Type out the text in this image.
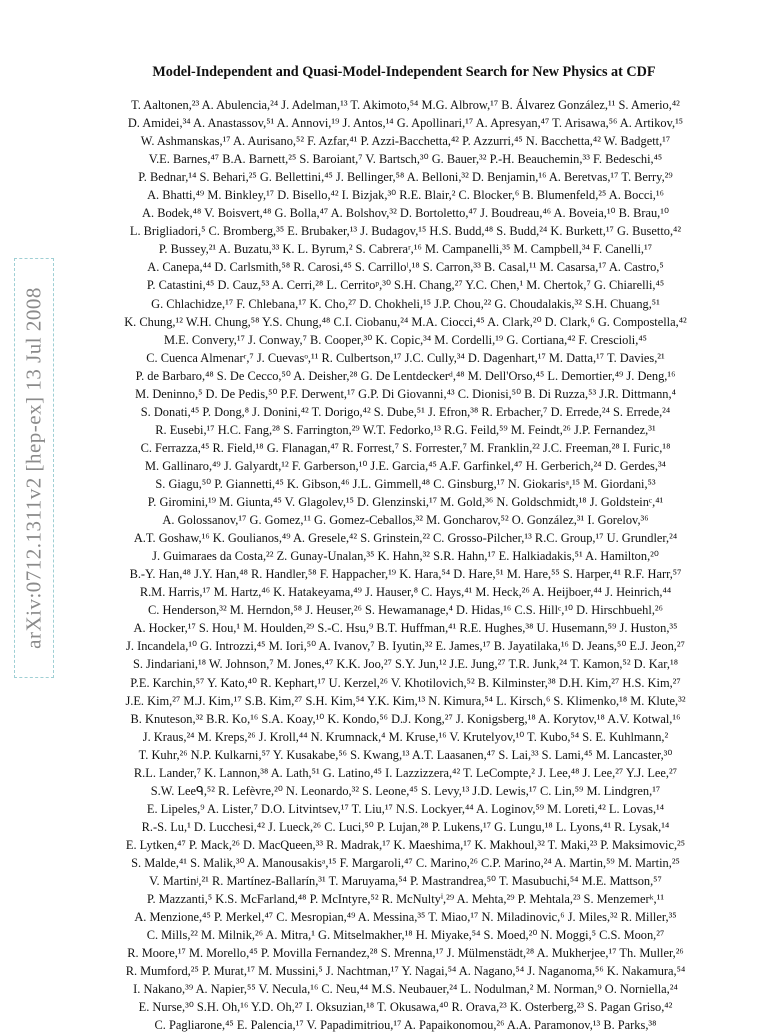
arXiv:0712.1311v2 [hep-ex] 13 Jul 2008
Model-Independent and Quasi-Model-Independent Search for New Physics at CDF
T. Aaltonen,²³ A. Abulencia,²⁴ J. Adelman,¹³ T. Akimoto,⁵⁴ M.G. Albrow,¹⁷ B. Álvarez González,¹¹ S. Amerio,⁴²
D. Amidei,³⁴ A. Anastassov,⁵¹ A. Annovi,¹⁹ J. Antos,¹⁴ G. Apollinari,¹⁷ A. Apresyan,⁴⁷ T. Arisawa,⁵⁶ A. Artikov,¹⁵
W. Ashmanskas,¹⁷ A. Aurisano,⁵² F. Azfar,⁴¹ P. Azzi-Bacchetta,⁴² P. Azzurri,⁴⁵ N. Bacchetta,⁴² W. Badgett,¹⁷
V.E. Barnes,⁴⁷ B.A. Barnett,²⁵ S. Baroiant,⁷ V. Bartsch,³⁰ G. Bauer,³² P.-H. Beauchemin,³³ F. Bedeschi,⁴⁵
P. Bednar,¹⁴ S. Behari,²⁵ G. Bellettini,⁴⁵ J. Bellinger,⁵⁸ A. Belloni,³² D. Benjamin,¹⁶ A. Beretvas,¹⁷ T. Berry,²⁹
A. Bhatti,⁴⁹ M. Binkley,¹⁷ D. Bisello,⁴² I. Bizjak,³⁰ R.E. Blair,² C. Blocker,⁶ B. Blumenfeld,²⁵ A. Bocci,¹⁶
A. Bodek,⁴⁸ V. Boisvert,⁴⁸ G. Bolla,⁴⁷ A. Bolshov,³² D. Bortoletto,⁴⁷ J. Boudreau,⁴⁶ A. Boveia,¹⁰ B. Brau,¹⁰
L. Brigliadori,⁵ C. Bromberg,³⁵ E. Brubaker,¹³ J. Budagov,¹⁵ H.S. Budd,⁴⁸ S. Budd,²⁴ K. Burkett,¹⁷ G. Busetto,⁴²
P. Bussey,²¹ A. Buzatu,³³ K. L. Byrum,² S. Cabreraʳ,¹⁶ M. Campanelli,³⁵ M. Campbell,³⁴ F. Canelli,¹⁷
A. Canepa,⁴⁴ D. Carlsmith,⁵⁸ R. Carosi,⁴⁵ S. Carrilloˡ,¹⁸ S. Carron,³³ B. Casal,¹¹ M. Casarsa,¹⁷ A. Castro,⁵
P. Catastini,⁴⁵ D. Cauz,⁵³ A. Cerri,²⁸ L. Cerritoᵖ,³⁰ S.H. Chang,²⁷ Y.C. Chen,¹ M. Chertok,⁷ G. Chiarelli,⁴⁵
G. Chlachidze,¹⁷ F. Chlebana,¹⁷ K. Cho,²⁷ D. Chokheli,¹⁵ J.P. Chou,²² G. Choudalakis,³² S.H. Chuang,⁵¹
K. Chung,¹² W.H. Chung,⁵⁸ Y.S. Chung,⁴⁸ C.I. Ciobanu,²⁴ M.A. Ciocci,⁴⁵ A. Clark,²⁰ D. Clark,⁶ G. Compostella,⁴²
M.E. Convery,¹⁷ J. Conway,⁷ B. Cooper,³⁰ K. Copic,³⁴ M. Cordelli,¹⁹ G. Cortiana,⁴² F. Crescioli,⁴⁵
C. Cuenca Almenarʳ,⁷ J. Cuevasᵒ,¹¹ R. Culbertson,¹⁷ J.C. Cully,³⁴ D. Dagenhart,¹⁷ M. Datta,¹⁷ T. Davies,²¹
P. de Barbaro,⁴⁸ S. De Cecco,⁵⁰ A. Deisher,²⁸ G. De Lentdeckerᵈ,⁴⁸ M. Dell'Orso,⁴⁵ L. Demortier,⁴⁹ J. Deng,¹⁶
M. Deninno,⁵ D. De Pedis,⁵⁰ P.F. Derwent,¹⁷ G.P. Di Giovanni,⁴³ C. Dionisi,⁵⁰ B. Di Ruzza,⁵³ J.R. Dittmann,⁴
S. Donati,⁴⁵ P. Dong,⁸ J. Donini,⁴² T. Dorigo,⁴² S. Dube,⁵¹ J. Efron,³⁸ R. Erbacher,⁷ D. Errede,²⁴ S. Errede,²⁴
R. Eusebi,¹⁷ H.C. Fang,²⁸ S. Farrington,²⁹ W.T. Fedorko,¹³ R.G. Feild,⁵⁹ M. Feindt,²⁶ J.P. Fernandez,³¹
C. Ferrazza,⁴⁵ R. Field,¹⁸ G. Flanagan,⁴⁷ R. Forrest,⁷ S. Forrester,⁷ M. Franklin,²² J.C. Freeman,²⁸ I. Furic,¹⁸
M. Gallinaro,⁴⁹ J. Galyardt,¹² F. Garberson,¹⁰ J.E. Garcia,⁴⁵ A.F. Garfinkel,⁴⁷ H. Gerberich,²⁴ D. Gerdes,³⁴
S. Giagu,⁵⁰ P. Giannetti,⁴⁵ K. Gibson,⁴⁶ J.L. Gimmell,⁴⁸ C. Ginsburg,¹⁷ N. Giokarisᵃ,¹⁵ M. Giordani,⁵³
P. Giromini,¹⁹ M. Giunta,⁴⁵ V. Glagolev,¹⁵ D. Glenzinski,¹⁷ M. Gold,³⁶ N. Goldschmidt,¹⁸ J. Goldsteinᶜ,⁴¹
A. Golossanov,¹⁷ G. Gomez,¹¹ G. Gomez-Ceballos,³² M. Goncharov,⁵² O. González,³¹ I. Gorelov,³⁶
A.T. Goshaw,¹⁶ K. Goulianos,⁴⁹ A. Gresele,⁴² S. Grinstein,²² C. Grosso-Pilcher,¹³ R.C. Group,¹⁷ U. Grundler,²⁴
J. Guimaraes da Costa,²² Z. Gunay-Unalan,³⁵ K. Hahn,³² S.R. Hahn,¹⁷ E. Halkiadakis,⁵¹ A. Hamilton,²⁰
B.-Y. Han,⁴⁸ J.Y. Han,⁴⁸ R. Handler,⁵⁸ F. Happacher,¹⁹ K. Hara,⁵⁴ D. Hare,⁵¹ M. Hare,⁵⁵ S. Harper,⁴¹ R.F. Harr,⁵⁷
R.M. Harris,¹⁷ M. Hartz,⁴⁶ K. Hatakeyama,⁴⁹ J. Hauser,⁸ C. Hays,⁴¹ M. Heck,²⁶ A. Heijboer,⁴⁴ J. Heinrich,⁴⁴
C. Henderson,³² M. Herndon,⁵⁸ J. Heuser,²⁶ S. Hewamanage,⁴ D. Hidas,¹⁶ C.S. Hillᶜ,¹⁰ D. Hirschbuehl,²⁶
A. Hocker,¹⁷ S. Hou,¹ M. Houlden,²⁹ S.-C. Hsu,⁹ B.T. Huffman,⁴¹ R.E. Hughes,³⁸ U. Husemann,⁵⁹ J. Huston,³⁵
J. Incandela,¹⁰ G. Introzzi,⁴⁵ M. Iori,⁵⁰ A. Ivanov,⁷ B. Iyutin,³² E. James,¹⁷ B. Jayatilaka,¹⁶ D. Jeans,⁵⁰ E.J. Jeon,²⁷
S. Jindariani,¹⁸ W. Johnson,⁷ M. Jones,⁴⁷ K.K. Joo,²⁷ S.Y. Jun,¹² J.E. Jung,²⁷ T.R. Junk,²⁴ T. Kamon,⁵² D. Kar,¹⁸
P.E. Karchin,⁵⁷ Y. Kato,⁴⁰ R. Kephart,¹⁷ U. Kerzel,²⁶ V. Khotilovich,⁵² B. Kilminster,³⁸ D.H. Kim,²⁷ H.S. Kim,²⁷
J.E. Kim,²⁷ M.J. Kim,¹⁷ S.B. Kim,²⁷ S.H. Kim,⁵⁴ Y.K. Kim,¹³ N. Kimura,⁵⁴ L. Kirsch,⁶ S. Klimenko,¹⁸ M. Klute,³²
B. Knuteson,³² B.R. Ko,¹⁶ S.A. Koay,¹⁰ K. Kondo,⁵⁶ D.J. Kong,²⁷ J. Konigsberg,¹⁸ A. Korytov,¹⁸ A.V. Kotwal,¹⁶
J. Kraus,²⁴ M. Kreps,²⁶ J. Kroll,⁴⁴ N. Krumnack,⁴ M. Kruse,¹⁶ V. Krutelyov,¹⁰ T. Kubo,⁵⁴ S. E. Kuhlmann,²
T. Kuhr,²⁶ N.P. Kulkarni,⁵⁷ Y. Kusakabe,⁵⁶ S. Kwang,¹³ A.T. Laasanen,⁴⁷ S. Lai,³³ S. Lami,⁴⁵ M. Lancaster,³⁰
R.L. Lander,⁷ K. Lannon,³⁸ A. Lath,⁵¹ G. Latino,⁴⁵ I. Lazzizzera,⁴² T. LeCompte,² J. Lee,⁴⁸ J. Lee,²⁷ Y.J. Lee,²⁷
S.W. Leeᑫ,⁵² R. Lefèvre,²⁰ N. Leonardo,³² S. Leone,⁴⁵ S. Levy,¹³ J.D. Lewis,¹⁷ C. Lin,⁵⁹ M. Lindgren,¹⁷
E. Lipeles,⁹ A. Lister,⁷ D.O. Litvintsev,¹⁷ T. Liu,¹⁷ N.S. Lockyer,⁴⁴ A. Loginov,⁵⁹ M. Loreti,⁴² L. Lovas,¹⁴
R.-S. Lu,¹ D. Lucchesi,⁴² J. Lueck,²⁶ C. Luci,⁵⁰ P. Lujan,²⁸ P. Lukens,¹⁷ G. Lungu,¹⁸ L. Lyons,⁴¹ R. Lysak,¹⁴
E. Lytken,⁴⁷ P. Mack,²⁶ D. MacQueen,³³ R. Madrak,¹⁷ K. Maeshima,¹⁷ K. Makhoul,³² T. Maki,²³ P. Maksimovic,²⁵
S. Malde,⁴¹ S. Malik,³⁰ A. Manousakisᵃ,¹⁵ F. Margaroli,⁴⁷ C. Marino,²⁶ C.P. Marino,²⁴ A. Martin,⁵⁹ M. Martin,²⁵
V. Martinʲ,²¹ R. Martínez-Ballarín,³¹ T. Maruyama,⁵⁴ P. Mastrandrea,⁵⁰ T. Masubuchi,⁵⁴ M.E. Mattson,⁵⁷
P. Mazzanti,⁵ K.S. McFarland,⁴⁸ P. McIntyre,⁵² R. McNultyⁱ,²⁹ A. Mehta,²⁹ P. Mehtala,²³ S. Menzemerᵏ,¹¹
A. Menzione,⁴⁵ P. Merkel,⁴⁷ C. Mesropian,⁴⁹ A. Messina,³⁵ T. Miao,¹⁷ N. Miladinovic,⁶ J. Miles,³² R. Miller,³⁵
C. Mills,²² M. Milnik,²⁶ A. Mitra,¹ G. Mitselmakher,¹⁸ H. Miyake,⁵⁴ S. Moed,²⁰ N. Moggi,⁵ C.S. Moon,²⁷
R. Moore,¹⁷ M. Morello,⁴⁵ P. Movilla Fernandez,²⁸ S. Mrenna,¹⁷ J. Mülmenstädt,²⁸ A. Mukherjee,¹⁷ Th. Muller,²⁶
R. Mumford,²⁵ P. Murat,¹⁷ M. Mussini,⁵ J. Nachtman,¹⁷ Y. Nagai,⁵⁴ A. Nagano,⁵⁴ J. Naganoma,⁵⁶ K. Nakamura,⁵⁴
I. Nakano,³⁹ A. Napier,⁵⁵ V. Necula,¹⁶ C. Neu,⁴⁴ M.S. Neubauer,²⁴ L. Nodulman,² M. Norman,⁹ O. Norniella,²⁴
E. Nurse,³⁰ S.H. Oh,¹⁶ Y.D. Oh,²⁷ I. Oksuzian,¹⁸ T. Okusawa,⁴⁰ R. Orava,²³ K. Osterberg,²³ S. Pagan Griso,⁴²
C. Pagliarone,⁴⁵ E. Palencia,¹⁷ V. Papadimitriou,¹⁷ A. Papaikonomou,²⁶ A.A. Paramonov,¹³ B. Parks,³⁸
